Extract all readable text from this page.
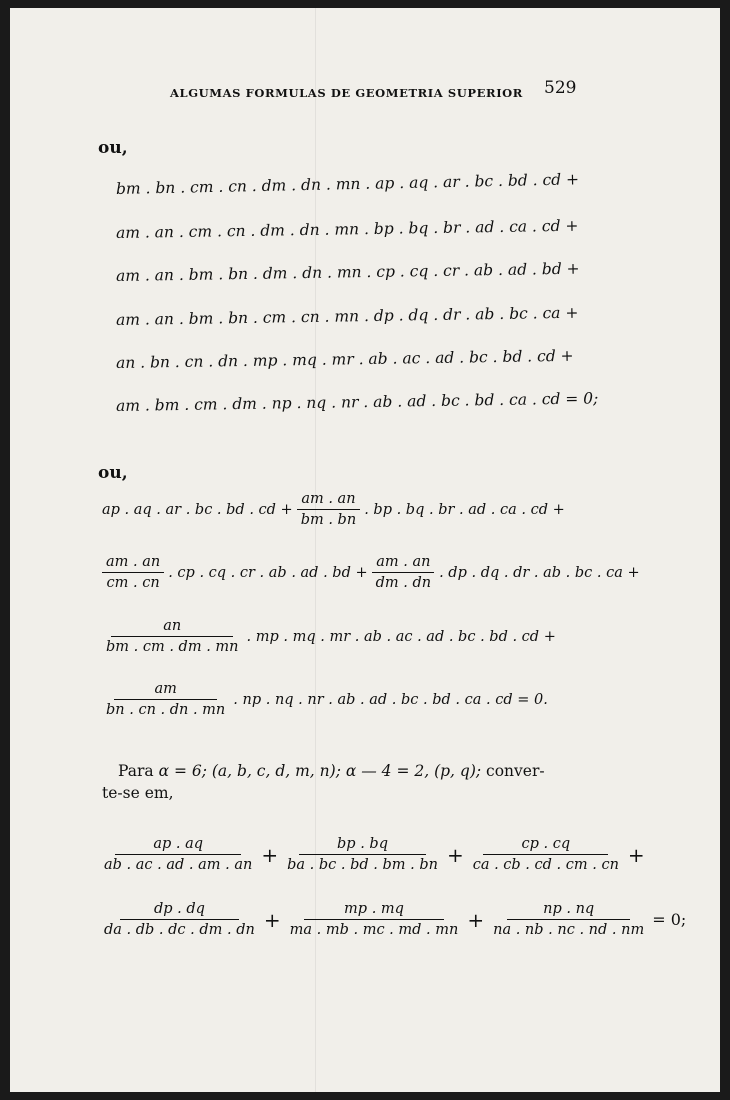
ALGUMAS FORMULAS DE GEOMETRIA SUPERIOR 529
ou,
bm . bn . cm . cn . dm . dn . mn . ap . aq . ar . bc . bd . cd +
am . an . cm . cn . dm . dn . mn . bp . bq . br . ad . ca . cd +
am . an . bm . bn . dm . dn . mn . cp . cq . cr . ab . ad . bd +
am . an . bm . bn . cm . cn . mn . dp . dq . dr . ab . bc . ca +
an . bn . cn . dn . mp . mq . mr . ab . ac . ad . bc . bd . cd +
am . bm . cm . dm . np . nq . nr . ab . ad . bc . bd . ca . cd = 0;
ou,
ap . aq . ar . bc . bd . cd + $\frac{am . an}{bm . bn}$ . bp . bq . br . ad . ca . cd +
$\frac{am . an}{cm . cn}$ . cp . cq . cr . ab . ad . bd + $\frac{am . an}{dm . dn}$ . dp . dq . dr . ab . bc . ca +
$\frac{an}{bm . cm . dm . mn}$ . mp . mq . mr . ab . ac . ad . bc . bd . cd +
$\frac{am}{bn . cn . dn . mn}$ . np . nq . nr . ab . ad . bc . bd . ca . cd = 0.
Para α = 6; (a, b, c, d, m, n); α — 4 = 2, (p, q); conver-
te-se em,
$\frac{ap . aq}{ab . ac . ad . am . an} + \frac{bp . bq}{ba . bc . bd . bm . bn} + \frac{cp . cq}{ca . cb . cd . cm . cn}$ +
$\frac{dp . dq}{da . db . dc . dm . dn} + \frac{mp . mq}{ma . mb . mc . md . mn} + \frac{np . nq}{na . nb . nc . nd . nm} = 0$;
